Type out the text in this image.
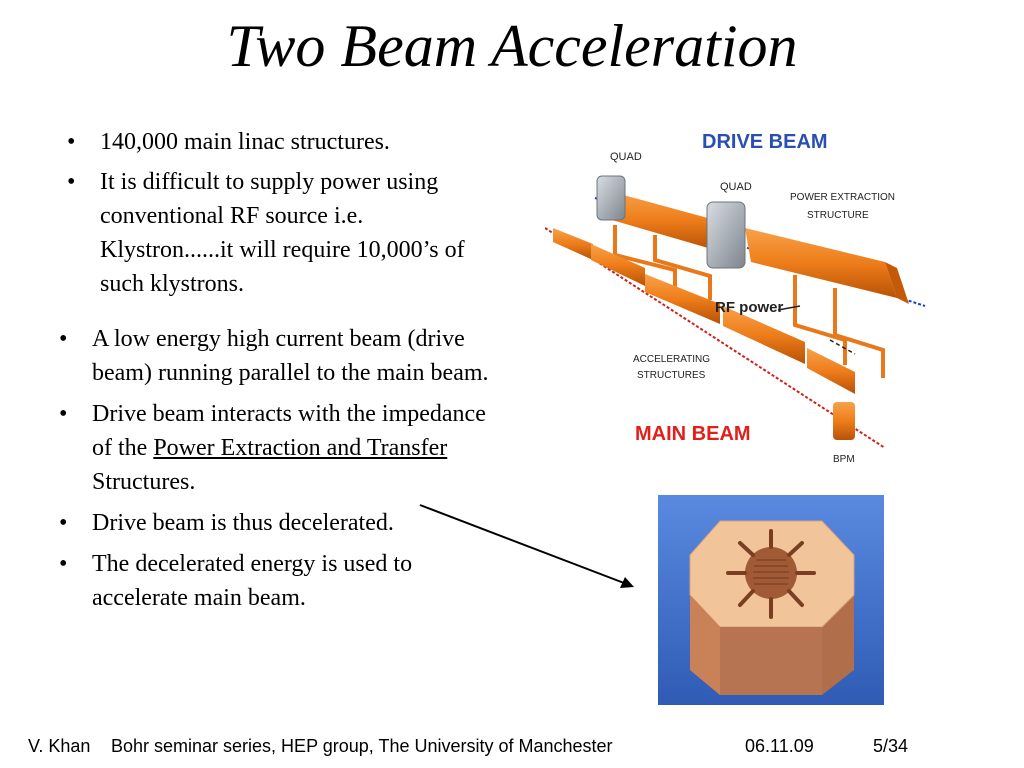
Two Beam Acceleration
• 140,000 main linac structures.
• It is difficult to supply power using conventional RF source i.e. Klystron......it will require 10,000’s of such klystrons.
• A low energy high current beam (drive beam) running parallel to the main beam.
• Drive beam interacts with the impedance of the Power Extraction and Transfer Structures.
• Drive beam is thus decelerated.
• The decelerated energy is used to accelerate main beam.
DRIVE BEAM
QUAD
QUAD
POWER EXTRACTION
STRUCTURE
RF power
ACCELERATING
STRUCTURES
MAIN BEAM
BPM
V. Khan Bohr seminar series, HEP group, The University of Manchester	06.11.09	5/34
